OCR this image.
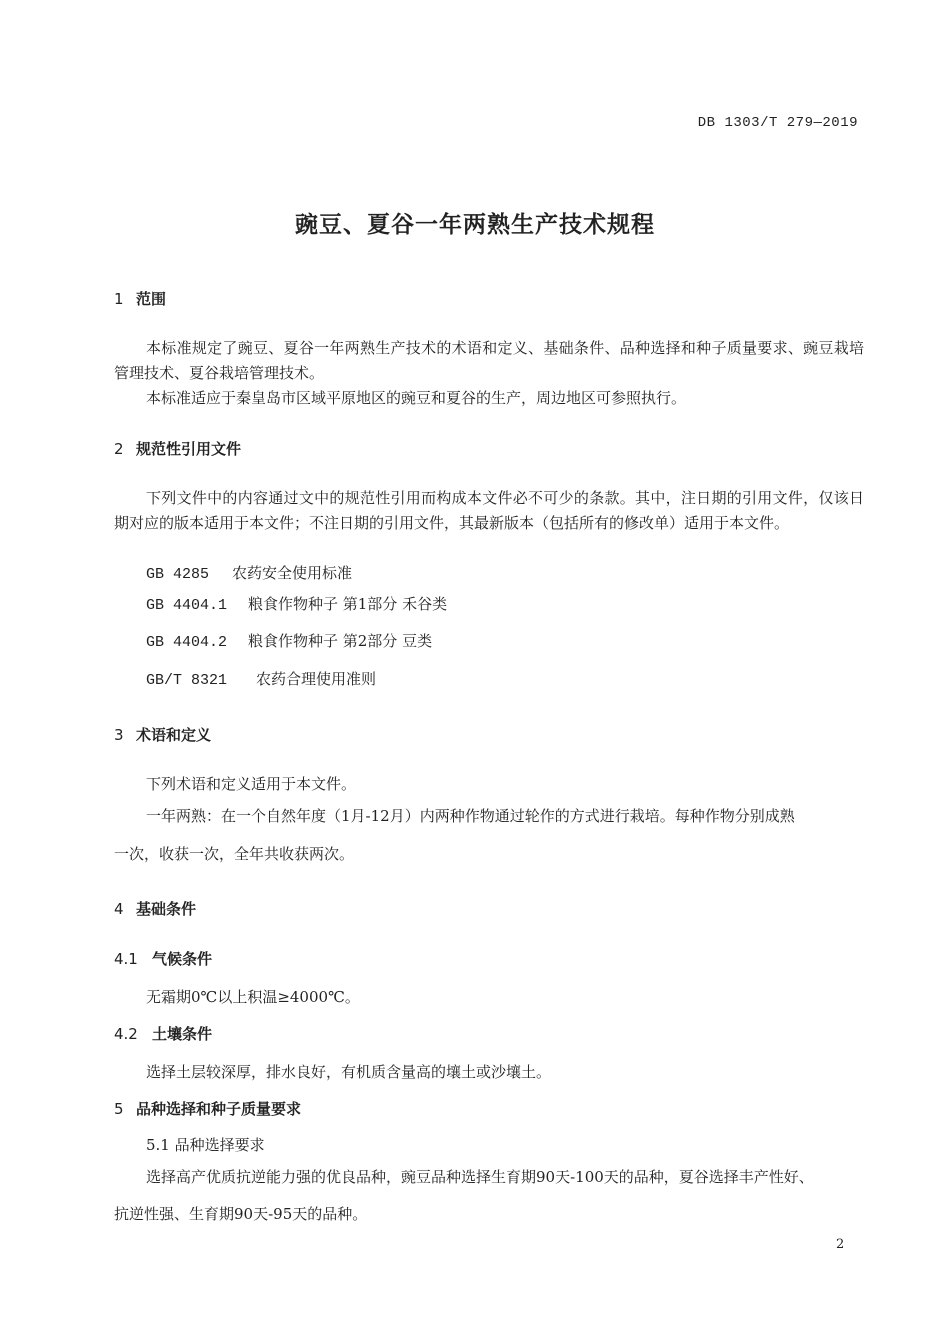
DB 1303/T 279—2019
豌豆、夏谷一年两熟生产技术规程
1 范围
本标准规定了豌豆、夏谷一年两熟生产技术的术语和定义、基础条件、品种选择和种子质量要求、豌豆栽培管理技术、夏谷栽培管理技术。
本标准适应于秦皇岛市区域平原地区的豌豆和夏谷的生产，周边地区可参照执行。
2 规范性引用文件
下列文件中的内容通过文中的规范性引用而构成本文件必不可少的条款。其中，注日期的引用文件，仅该日期对应的版本适用于本文件；不注日期的引用文件，其最新版本（包括所有的修改单）适用于本文件。
GB 4285 农药安全使用标准
GB 4404.1 粮食作物种子 第1部分 禾谷类
GB 4404.2 粮食作物种子 第2部分 豆类
GB/T 8321 农药合理使用准则
3 术语和定义
下列术语和定义适用于本文件。
一年两熟：在一个自然年度（1月-12月）内两种作物通过轮作的方式进行栽培。每种作物分别成熟
一次，收获一次，全年共收获两次。
4 基础条件
4.1 气候条件
无霜期0℃以上积温≥4000℃。
4.2 土壤条件
选择土层较深厚，排水良好，有机质含量高的壤土或沙壤土。
5 品种选择和种子质量要求
5.1 品种选择要求
选择高产优质抗逆能力强的优良品种，豌豆品种选择生育期90天-100天的品种，夏谷选择丰产性好、
抗逆性强、生育期90天-95天的品种。
2
